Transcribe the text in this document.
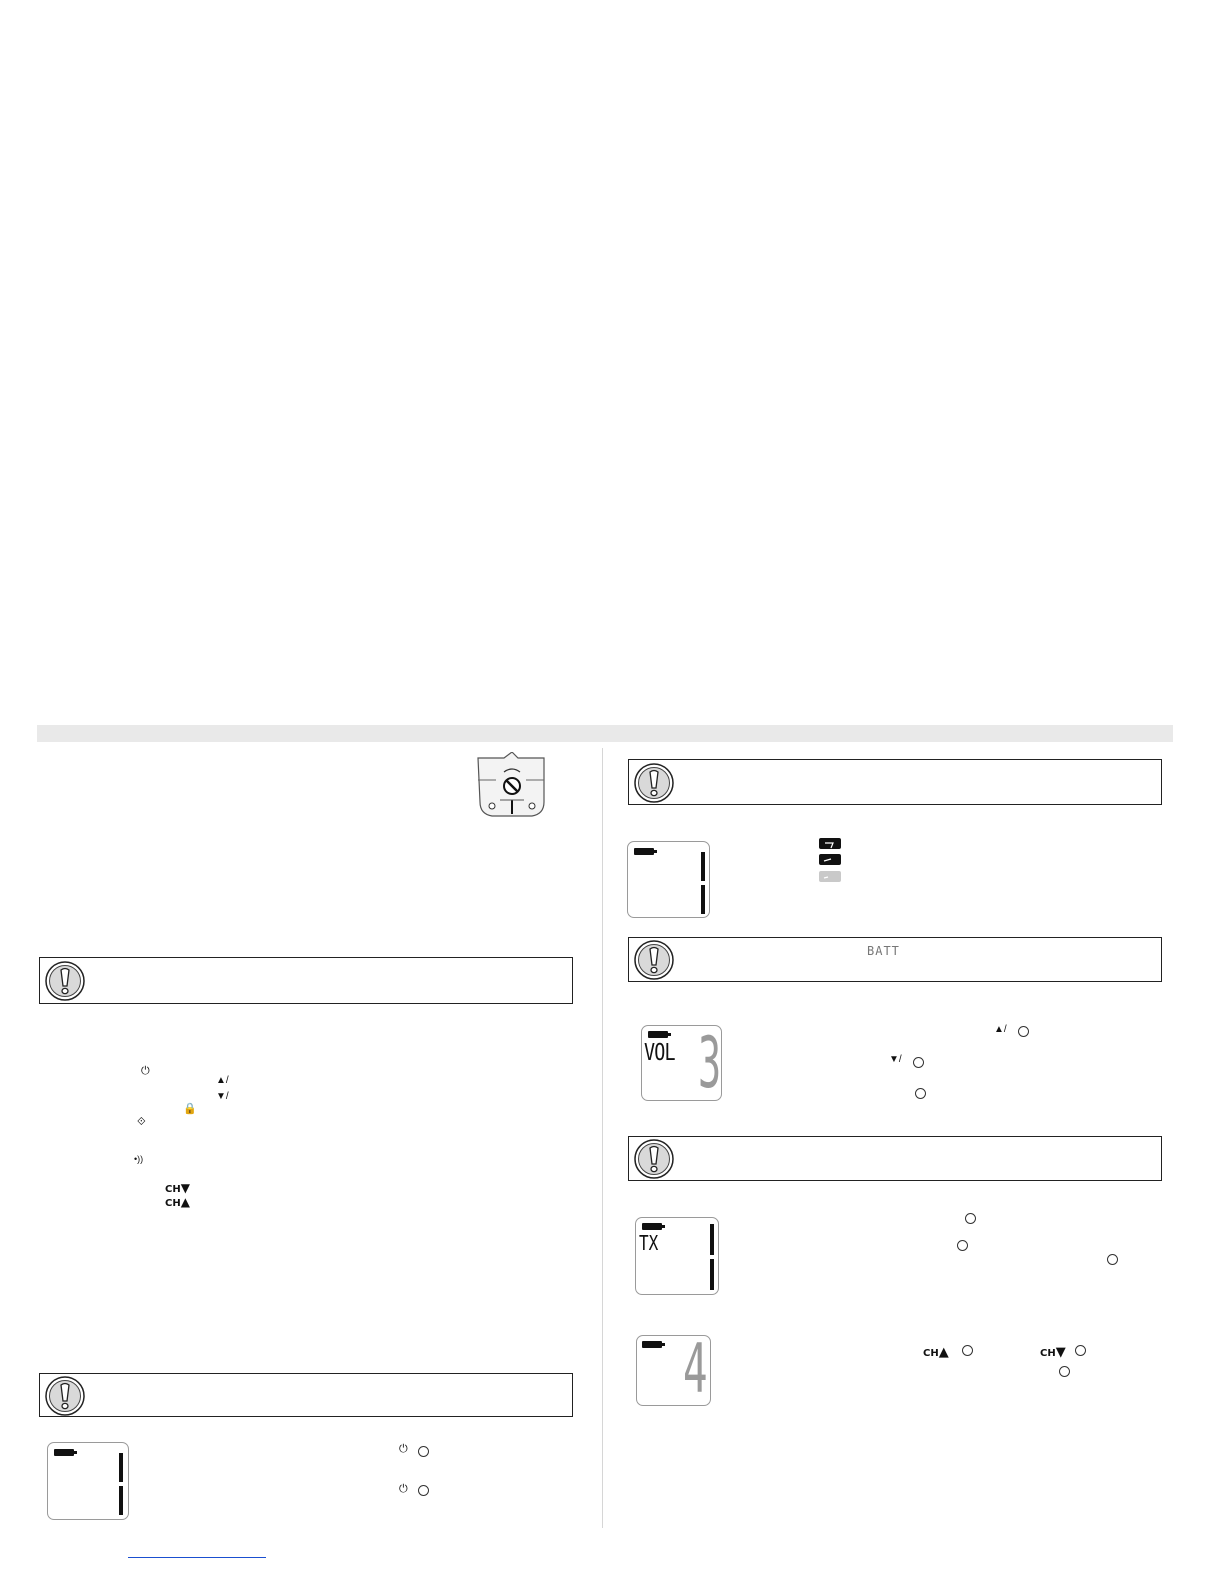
⏻
▲/
▼/
🔒
⟐
•))
CH▼
CH▲
⏻
⏻
BATT
VOL 3	▲/
▼/
TX
4	CH▲	CH▼
